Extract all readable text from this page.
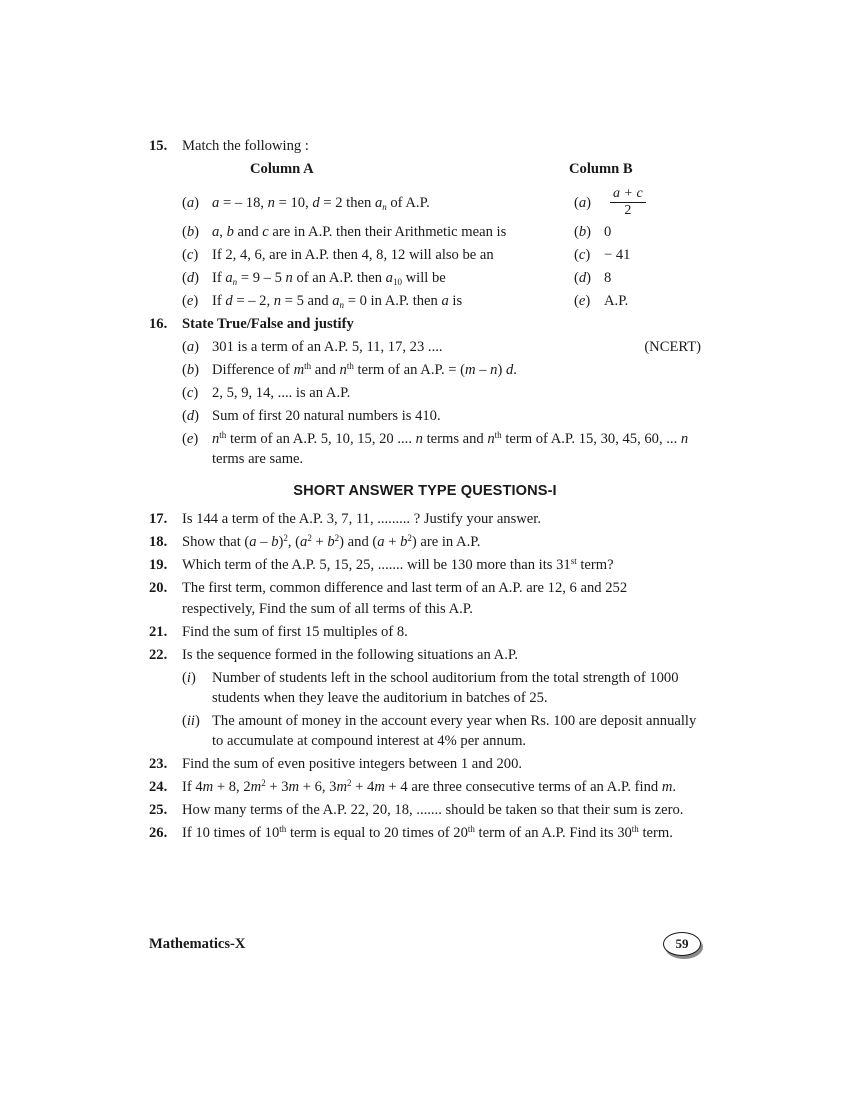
15.	Match the following :
Column A	Column B
(a) a = – 18, n = 10, d = 2 then $a_n$ of A.P.	(a)	$\frac{a + c}{2}$
(b) a, b and c are in A.P. then their Arithmetic mean is	(b) 0
(c) If 2, 4, 6, are in A.P. then 4, 8, 12 will also be an	(c) − 41
(d) If $a_n = 9 - 5$ n of an A.P. then $a_{10}$ will be	(d) 8
(e) If d = – 2, n = 5 and $a_n = 0$ in A.P. then a is	(e) A.P.
16.	State True/False and justify
(a) 301 is a term of an A.P. 5, 11, 17, 23 ....	(NCERT)
(b) Difference of $m^{th}$ and $n^{th}$ term of an A.P. = (m – n) d.
(c) 2, 5, 9, 14, .... is an A.P.
(d) Sum of first 20 natural numbers is 410.
(e) $n^{th}$ term of an A.P. 5, 10, 15, 20 .... n terms and $n^{th}$ term of A.P. 15, 30, 45, 60, ... n terms are same.
SHORT ANSWER TYPE QUESTIONS-I
17.	Is 144 a term of the A.P. 3, 7, 11, ......... ? Justify your answer.
18.	Show that (a – b)$^2$, $(a^2 + b^2)$ and $(a + b^2)$ are in A.P.
19.	Which term of the A.P. 5, 15, 25, ....... will be 130 more than its 31st term?
20.	The first term, common difference and last term of an A.P. are 12, 6 and 252 respectively, Find the sum of all terms of this A.P.
21.	Find the sum of first 15 multiples of 8.
22.	Is the sequence formed in the following situations an A.P.
(i)	Number of students left in the school auditorium from the total strength of 1000 students when they leave the auditorium in batches of 25.
(ii) The amount of money in the account every year when Rs. 100 are deposit annually to accumulate at compound interest at 4% per annum.
23.	Find the sum of even positive integers between 1 and 200.
24.	If 4m + 8, $2m^2 + 3m + 6$, $3m^2 + 4m + 4$ are three consecutive terms of an A.P. find m.
25.	How many terms of the A.P. 22, 20, 18, ....... should be taken so that their sum is zero.
26.	If 10 times of 10th term is equal to 20 times of 20th term of an A.P. Find its 30th term.
Mathematics-X	59
